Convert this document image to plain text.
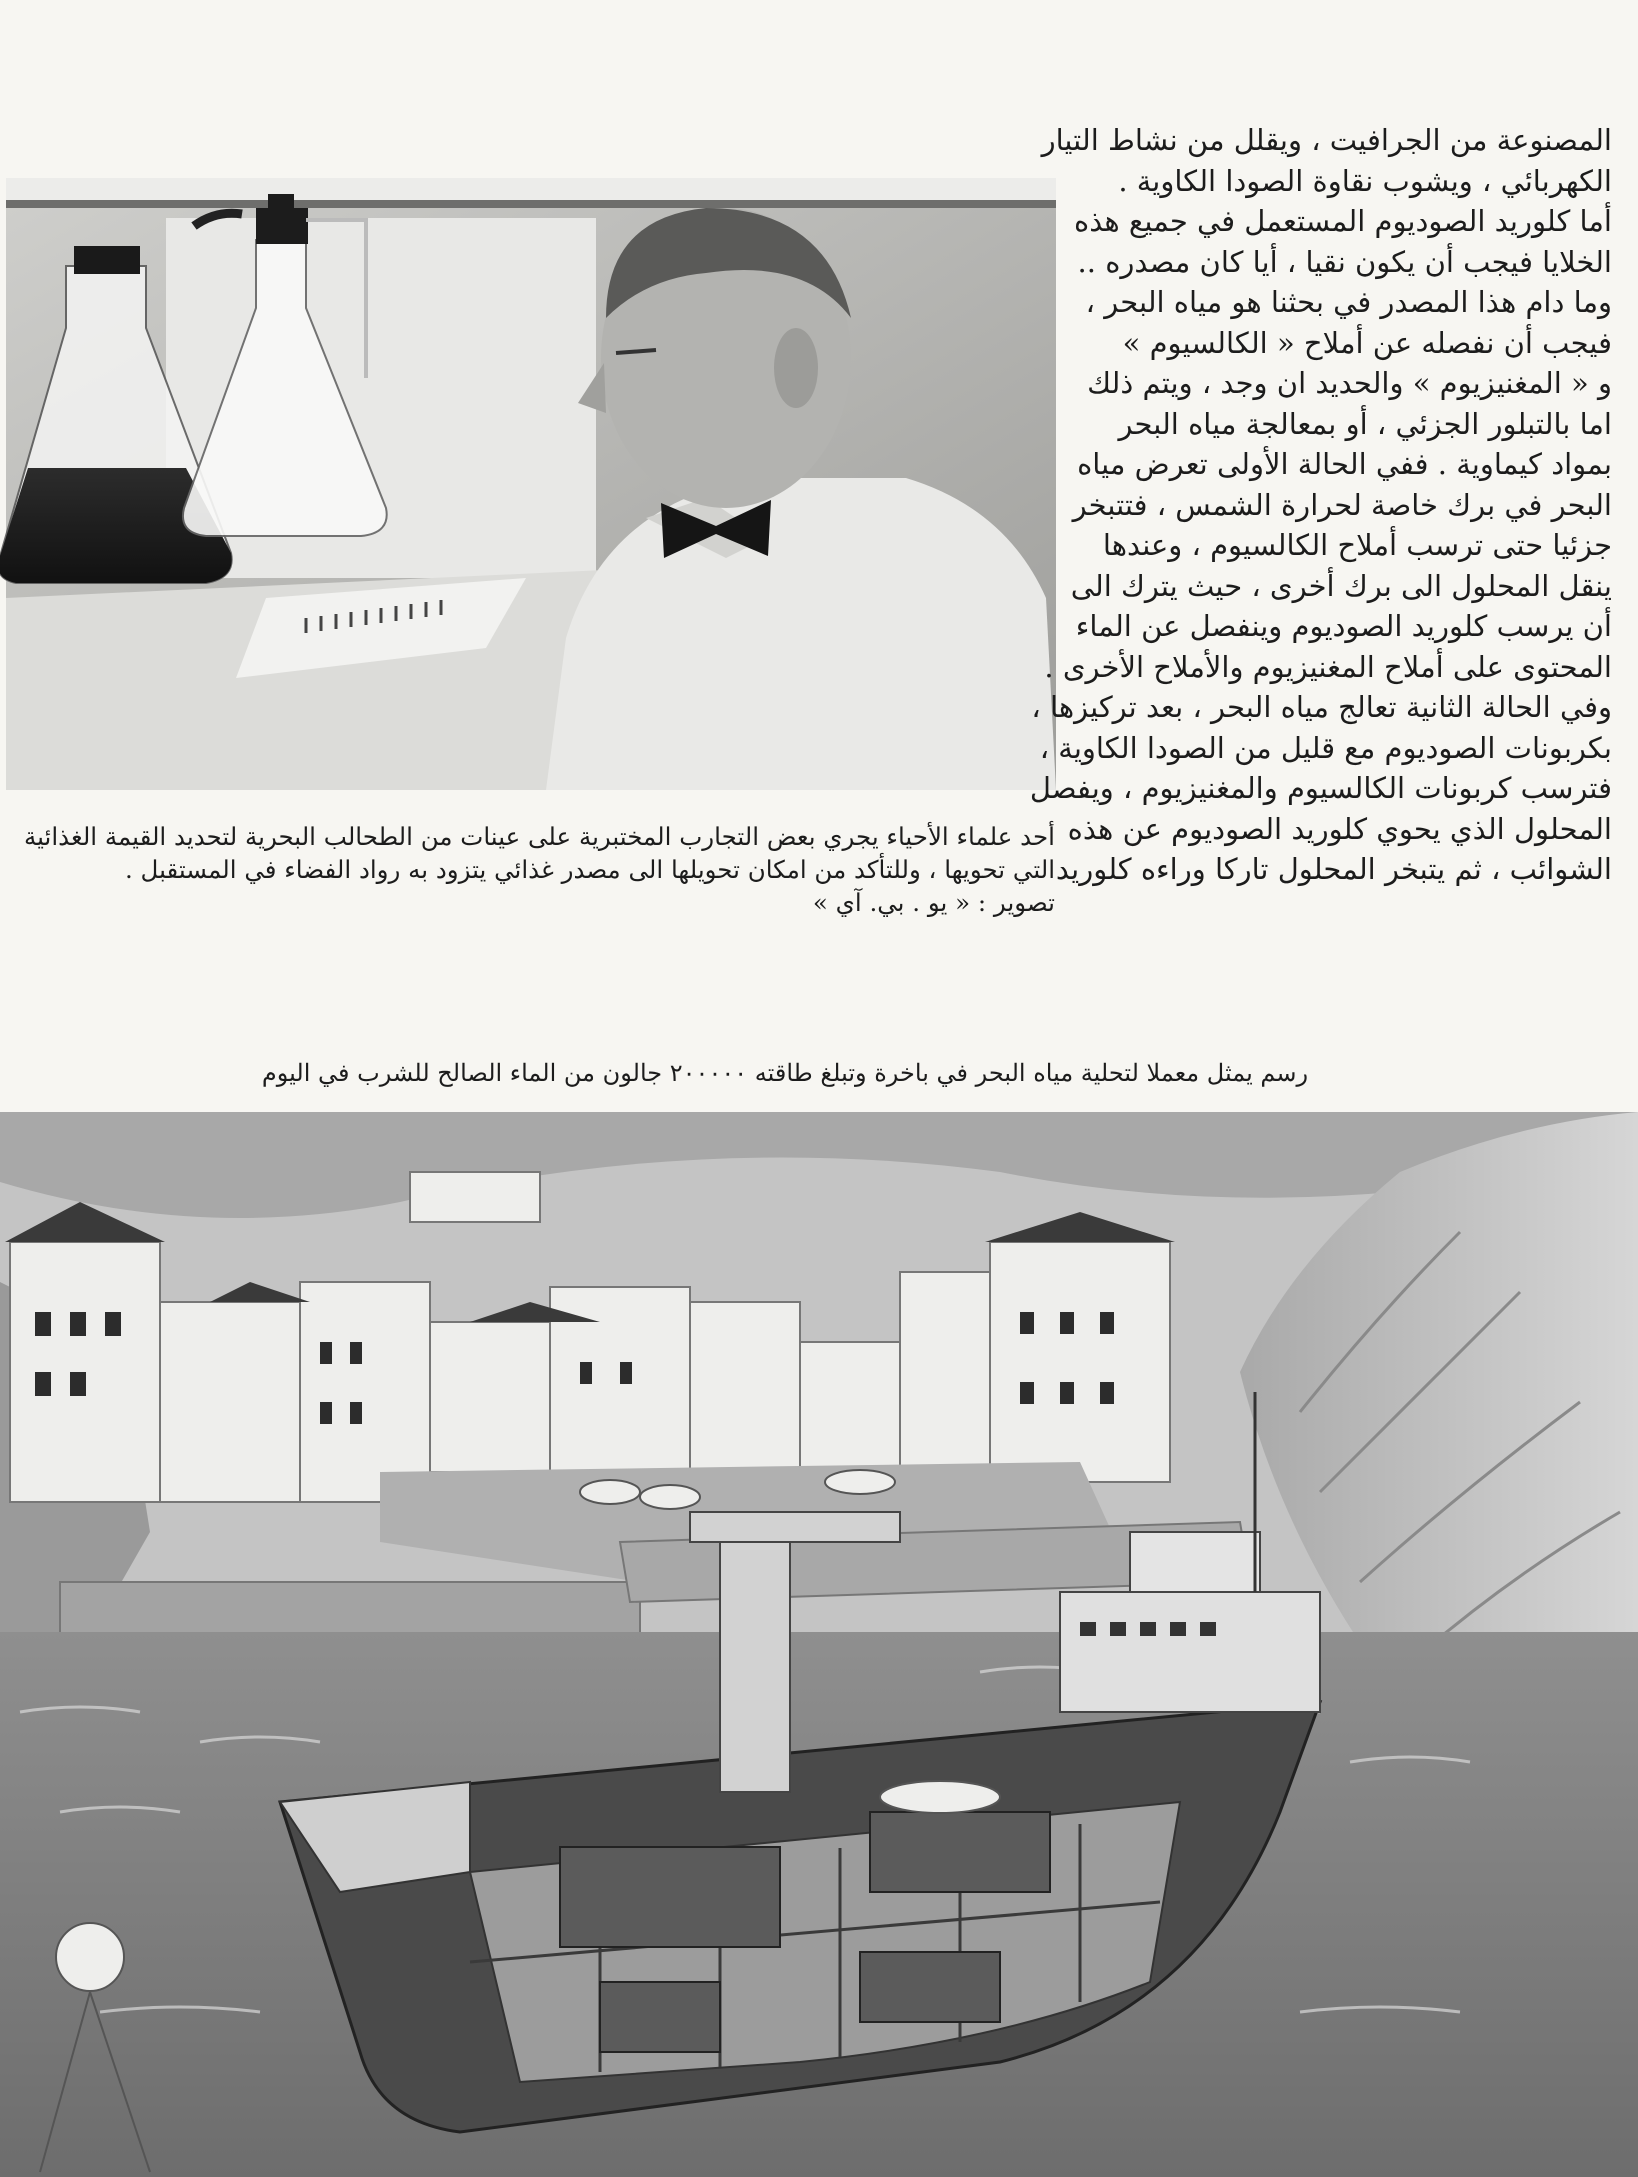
المصنوعة من الجرافيت ، ويقلل من نشاط التيار
الكهربائي ، ويشوب نقاوة الصودا الكاوية .
أما كلوريد الصوديوم المستعمل في جميع هذه
الخلايا فيجب أن يكون نقيا ، أيا كان مصدره ..
وما دام هذا المصدر في بحثنا هو مياه البحر ،
فيجب أن نفصله عن أملاح « الكالسيوم »
و « المغنيزيوم » والحديد ان وجد ، ويتم ذلك
اما بالتبلور الجزئي ، أو بمعالجة مياه البحر
بمواد كيماوية . ففي الحالة الأولى تعرض مياه
البحر في برك خاصة لحرارة الشمس ، فتتبخر
جزئيا حتى ترسب أملاح الكالسيوم ، وعندها
ينقل المحلول الى برك أخرى ، حيث يترك الى
أن يرسب كلوريد الصوديوم وينفصل عن الماء
المحتوى على أملاح المغنيزيوم والأملاح الأخرى .
وفي الحالة الثانية تعالج مياه البحر ، بعد تركيزها ،
بكربونات الصوديوم مع قليل من الصودا الكاوية ،
فترسب كربونات الكالسيوم والمغنيزيوم ، ويفصل
المحلول الذي يحوي كلوريد الصوديوم عن هذه
الشوائب ، ثم يتبخر المحلول تاركا وراءه كلوريد
أحد علماء الأحياء يجري بعض التجارب المختبرية على عينات من الطحالب البحرية لتحديد القيمة الغذائية
التي تحويها ، وللتأكد من امكان تحويلها الى مصدر غذائي يتزود به رواد الفضاء في المستقبل .
تصوير : « يو . بي. آي »
رسم يمثل معملا لتحلية مياه البحر في باخرة وتبلغ طاقته ٢٠٠٠٠٠ جالون من الماء الصالح للشرب في اليوم
